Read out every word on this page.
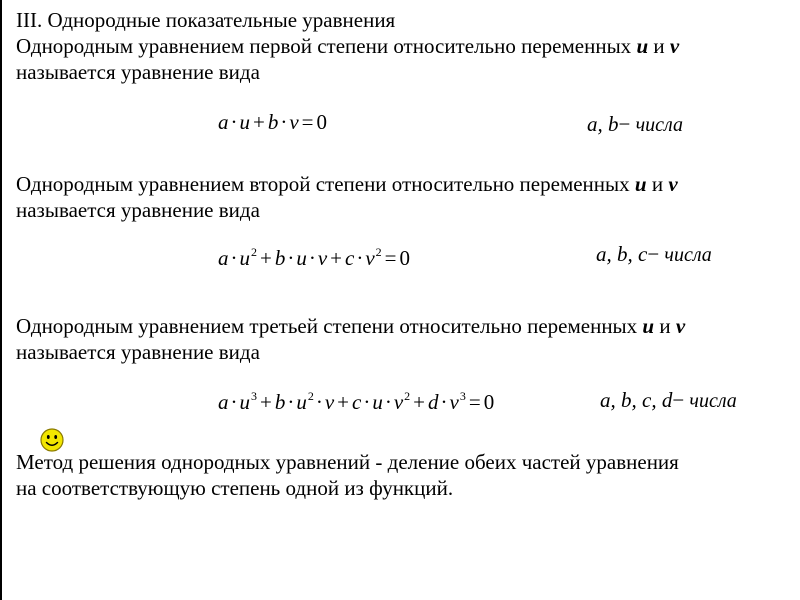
III. Однородные показательные уравнения
Однородным уравнением первой степени относительно переменных u и v
называется уравнение вида
a·u + b·v = 0	a, b− числа
Однородным уравнением второй степени относительно переменных u и v
называется уравнение вида
$a\cdot u^2 + b\cdot u\cdot v + c\cdot v^2 = 0$	a, b, c− числа
Однородным уравнением третьей степени относительно переменных u и v
называется уравнение вида
$a\cdot u^3 + b\cdot u^2\cdot v + c\cdot u\cdot v^2 + d\cdot v^3 = 0$	a, b, c, d− числа
Метод решения однородных уравнений - деление обеих частей уравнения
на соответствующую степень одной из функций.
